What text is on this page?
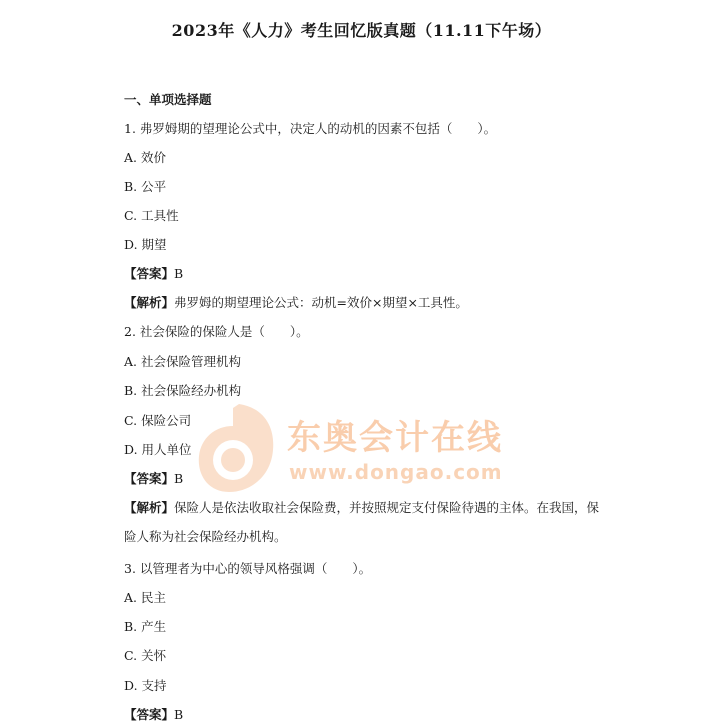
2023年《人力》考生回忆版真题（11.11下午场）
一、单项选择题
1. 弗罗姆期的望理论公式中，决定人的动机的因素不包括（　　）。
A. 效价
B. 公平
C. 工具性
D. 期望
【答案】B
【解析】弗罗姆的期望理论公式：动机=效价×期望×工具性。
2. 社会保险的保险人是（　　）。
A. 社会保险管理机构
B. 社会保险经办机构
C. 保险公司
D. 用人单位
【答案】B
【解析】保险人是依法收取社会保险费，并按照规定支付保险待遇的主体。在我国，保
险人称为社会保险经办机构。
3. 以管理者为中心的领导风格强调（　　）。
A. 民主
B. 产生
C. 关怀
D. 支持
【答案】B
东奥会计在线
www.dongao.com
